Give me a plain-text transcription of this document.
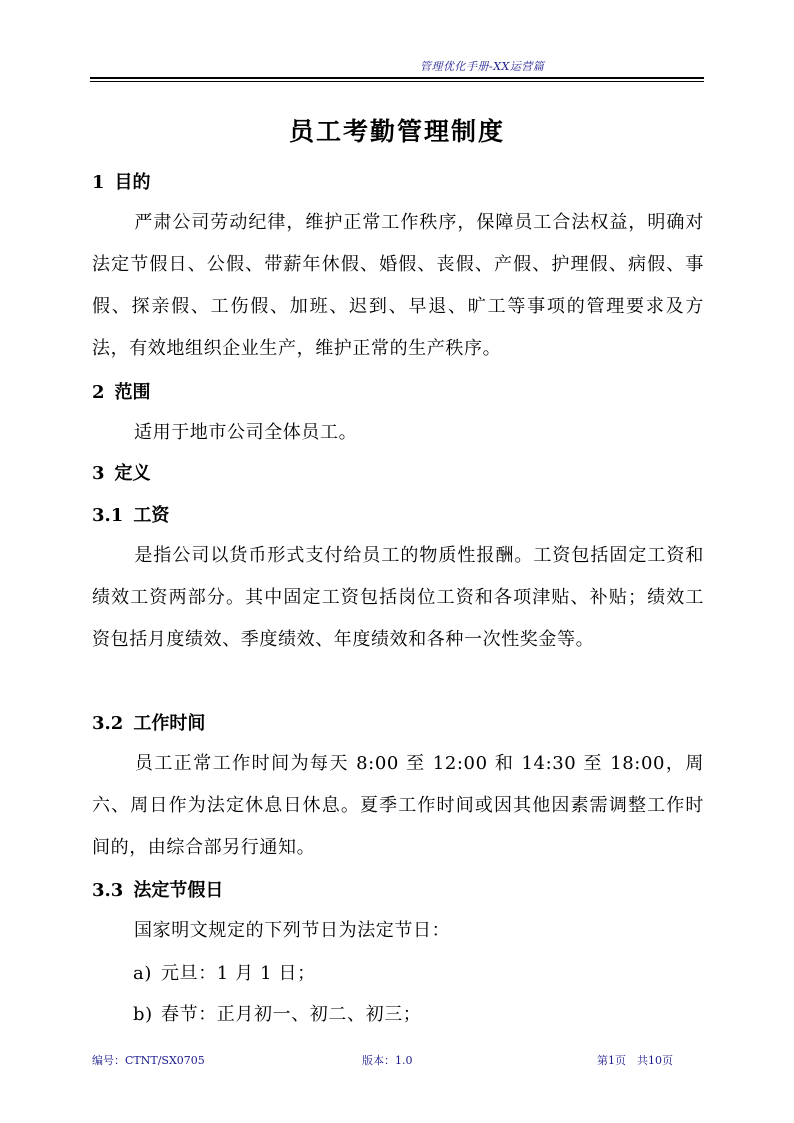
管理优化手册-XX运营篇
员工考勤管理制度
1 目的
严肃公司劳动纪律，维护正常工作秩序，保障员工合法权益，明确对法定节假日、公假、带薪年休假、婚假、丧假、产假、护理假、病假、事假、探亲假、工伤假、加班、迟到、早退、旷工等事项的管理要求及方法，有效地组织企业生产，维护正常的生产秩序。
2 范围
适用于地市公司全体员工。
3 定义
3.1 工资
是指公司以货币形式支付给员工的物质性报酬。工资包括固定工资和绩效工资两部分。其中固定工资包括岗位工资和各项津贴、补贴；绩效工资包括月度绩效、季度绩效、年度绩效和各种一次性奖金等。
3.2 工作时间
员工正常工作时间为每天 8:00 至 12:00 和 14:30 至 18:00，周六、周日作为法定休息日休息。夏季工作时间或因其他因素需调整工作时间的，由综合部另行通知。
3.3 法定节假日
国家明文规定的下列节日为法定节日：
a) 元旦：1 月 1 日；
b) 春节：正月初一、初二、初三；
编号：CTNT/SX0705	版本：1.0	第1页　共10页
